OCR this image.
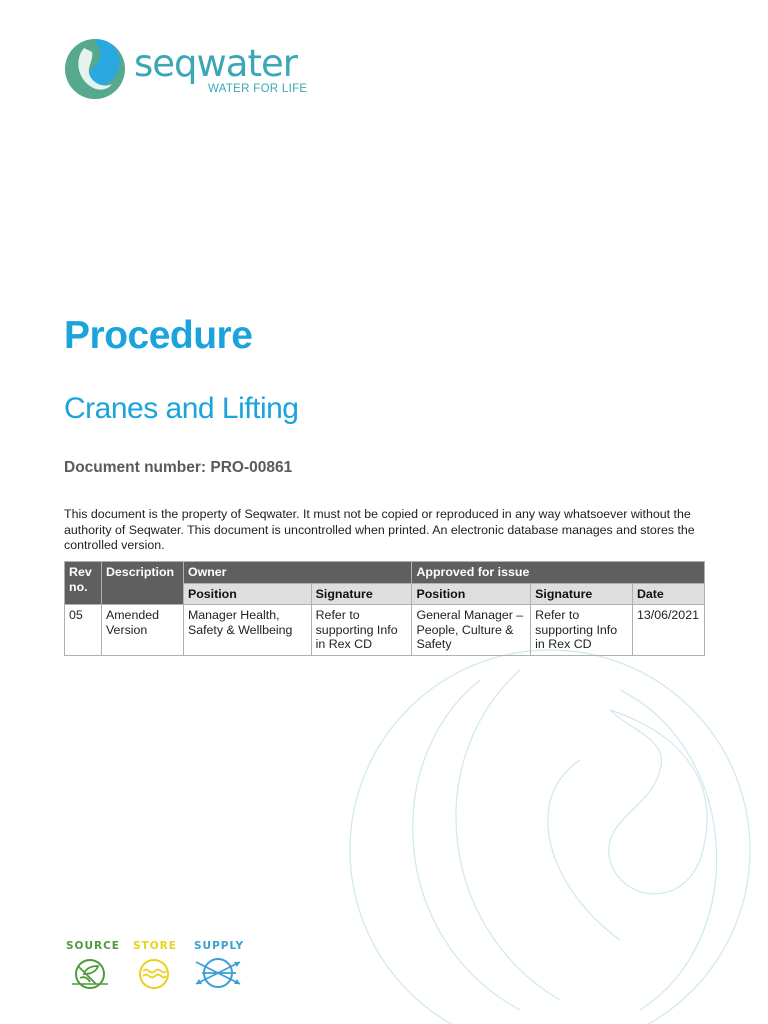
seqwater
WATER FOR LIFE
Procedure
Cranes and Lifting
Document number: PRO-00861
This document is the property of Seqwater. It must not be copied or reproduced in any way whatsoever without the authority of Seqwater. This document is uncontrolled when printed. An electronic database manages and stores the controlled version.
Rev no.	Description	Owner		Approved for issue		
		Position	Signature	Position	Signature	Date
05	Amended Version	Manager Health, Safety & Wellbeing	Refer to supporting Info in Rex CD	General Manager – People, Culture & Safety	Refer to supporting Info in Rex CD	13/06/2021
SOURCE STORE SUPPLY
